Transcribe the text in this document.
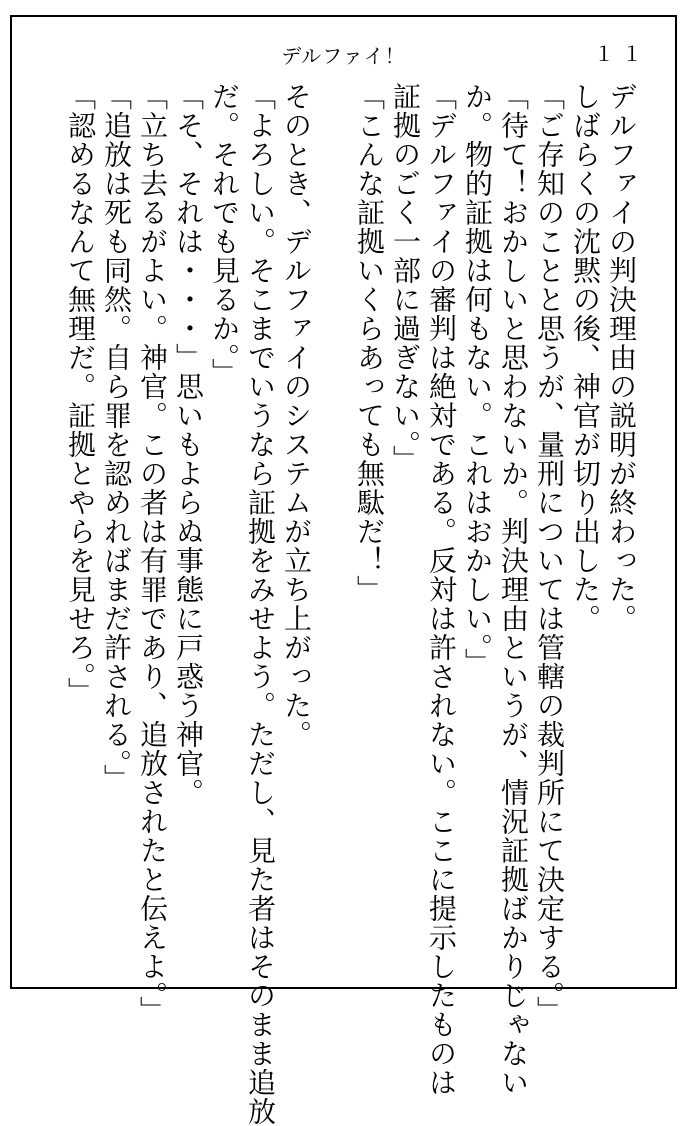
デルファイ！	１１
デルファイの判決理由の説明が終わった。
しばらくの沈黙の後、神官が切り出した。
「ご存知のことと思うが、量刑については管轄の裁判所にて決定する。」
「待て！おかしいと思わないか。判決理由というが、情況証拠ばかりじゃない
か。物的証拠は何もない。これはおかしい。」
「デルファイの審判は絶対である。反対は許されない。ここに提示したものは
証拠のごく一部に過ぎない。」
「こんな証拠いくらあっても無駄だ！」
そのとき、デルファイのシステムが立ち上がった。
「よろしい。そこまでいうなら証拠をみせよう。ただし、見た者はそのまま追放
だ。それでも見るか。」
「そ、それは・・・」思いもよらぬ事態に戸惑う神官。
「立ち去るがよい。神官。この者は有罪であり、追放されたと伝えよ。」
「追放は死も同然。自ら罪を認めればまだ許される。」
「認めるなんて無理だ。証拠とやらを見せろ。」
